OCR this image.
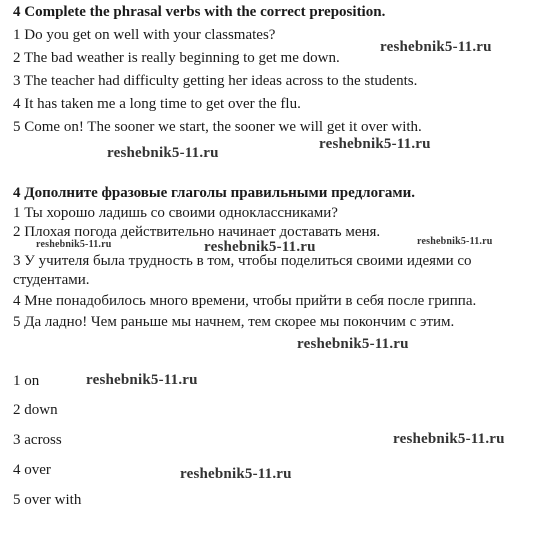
4 Complete the phrasal verbs with the correct preposition.
1 Do you get on well with your classmates?
2 The bad weather is really beginning to get me down.
3 The teacher had difficulty getting her ideas across to the students.
4 It has taken me a long time to get over the flu.
5 Come on! The sooner we start, the sooner we will get it over with.
4 Дополните фразовые глаголы правильными предлогами.
1 Ты хорошо ладишь со своими одноклассниками?
2 Плохая погода действительно начинает доставать меня.
3 У учителя была трудность в том, чтобы поделиться своими идеями со
студентами.
4 Мне понадобилось много времени, чтобы прийти в себя после гриппа.
5 Да ладно! Чем раньше мы начнем, тем скорее мы покончим с этим.
1 on
2 down
3 across
4 over
5 over with
reshebnik5-11.ru
reshebnik5-11.ru
reshebnik5-11.ru
reshebnik5-11.ru	reshebnik5-11.ru	reshebnik5-11.ru
reshebnik5-11.ru
reshebnik5-11.ru
reshebnik5-11.ru
reshebnik5-11.ru
